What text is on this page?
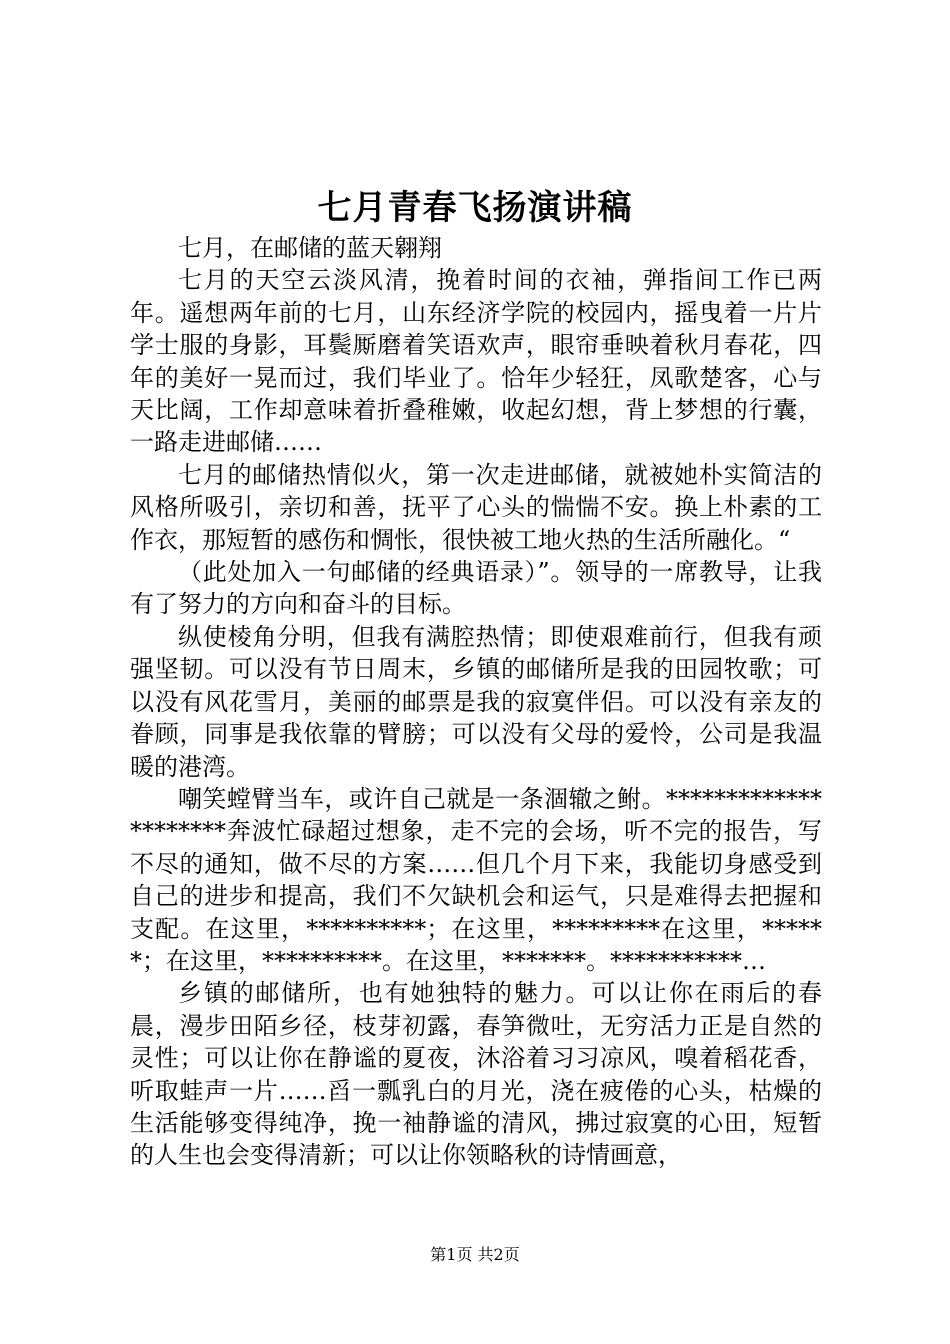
七月青春飞扬演讲稿

七月，在邮储的蓝天翱翔

七月的天空云淡风清，挽着时间的衣袖，弹指间工作已两年。遥想两年前的七月，山东经济学院的校园内，摇曳着一片片学士服的身影，耳鬓厮磨着笑语欢声，眼帘垂映着秋月春花，四年的美好一晃而过，我们毕业了。恰年少轻狂，凤歌楚客，心与天比阔，工作却意味着折叠稚嫩，收起幻想，背上梦想的行囊，一路走进邮储……

七月的邮储热情似火，第一次走进邮储，就被她朴实简洁的风格所吸引，亲切和善，抚平了心头的惴惴不安。换上朴素的工作衣，那短暂的感伤和惆怅，很快被工地火热的生活所融化。“

（此处加入一句邮储的经典语录）”。领导的一席教导，让我有了努力的方向和奋斗的目标。

纵使棱角分明，但我有满腔热情；即使艰难前行，但我有顽强坚韧。可以没有节日周末，乡镇的邮储所是我的田园牧歌；可以没有风花雪月，美丽的邮票是我的寂寞伴侣。可以没有亲友的眷顾，同事是我依靠的臂膀；可以没有父母的爱怜，公司是我温暖的港湾。

嘲笑螳臂当车，或许自己就是一条涸辙之鲋。*********************奔波忙碌超过想象，走不完的会场，听不完的报告，写不尽的通知，做不尽的方案……但几个月下来，我能切身感受到自己的进步和提高，我们不欠缺机会和运气，只是难得去把握和支配。在这里，**********；在这里，*********在这里，******；在这里，**********。在这里，*******。***********…

乡镇的邮储所，也有她独特的魅力。可以让你在雨后的春晨，漫步田陌乡径，枝芽初露，春笋微吐，无穷活力正是自然的灵性；可以让你在静谧的夏夜，沐浴着习习凉风，嗅着稻花香，听取蛙声一片……舀一瓢乳白的月光，浇在疲倦的心头，枯燥的生活能够变得纯净，挽一袖静谧的清风，拂过寂寞的心田，短暂的人生也会变得清新；可以让你领略秋的诗情画意，

第1页 共2页
